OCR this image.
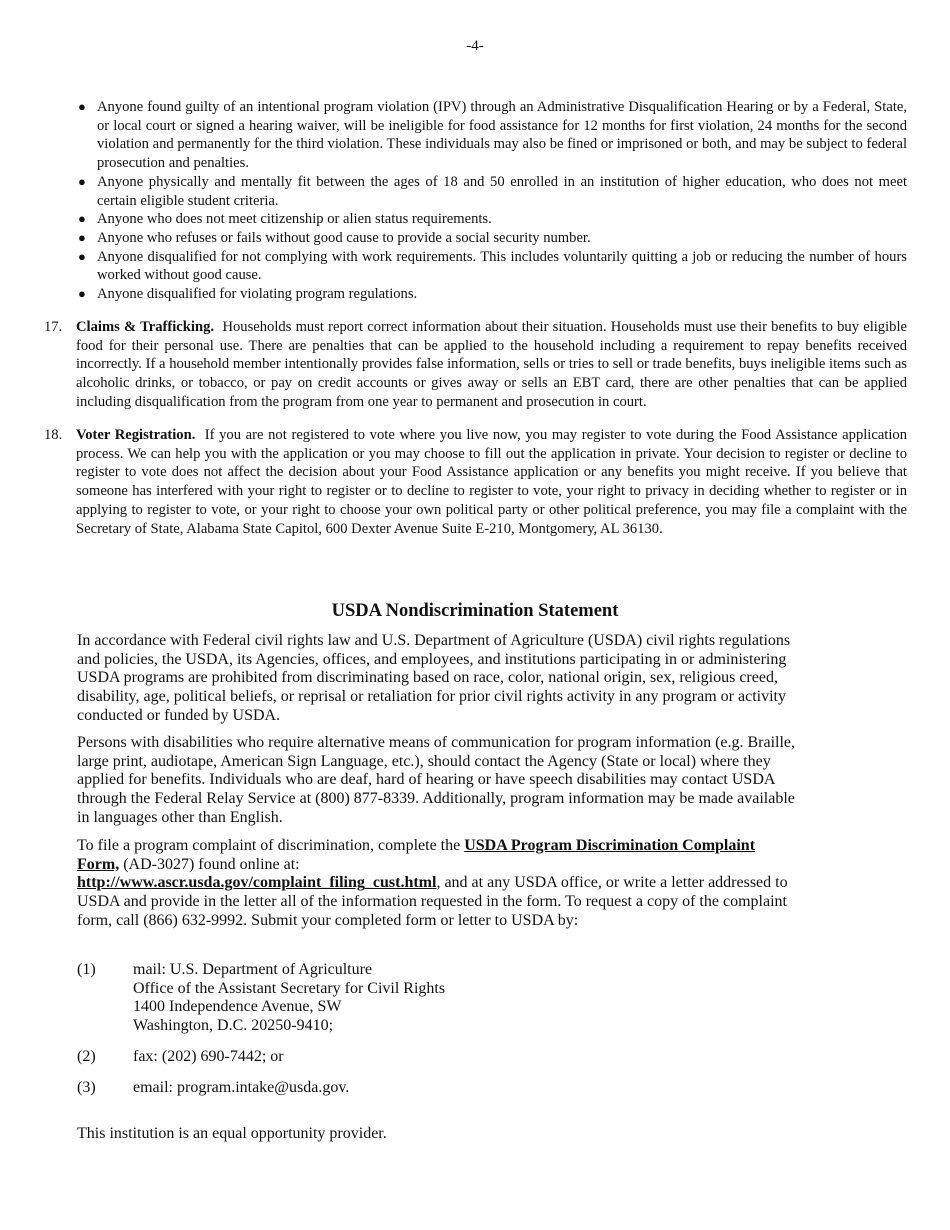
-4-
● Anyone found guilty of an intentional program violation (IPV) through an Administrative Disqualification Hearing or by a Federal, State, or local court or signed a hearing waiver, will be ineligible for food assistance for 12 months for first violation, 24 months for the second violation and permanently for the third violation. These individuals may also be fined or imprisoned or both, and may be subject to federal prosecution and penalties.
● Anyone physically and mentally fit between the ages of 18 and 50 enrolled in an institution of higher education, who does not meet certain eligible student criteria.
● Anyone who does not meet citizenship or alien status requirements.
● Anyone who refuses or fails without good cause to provide a social security number.
● Anyone disqualified for not complying with work requirements. This includes voluntarily quitting a job or reducing the number of hours worked without good cause.
● Anyone disqualified for violating program regulations.
17. Claims & Trafficking. Households must report correct information about their situation. Households must use their benefits to buy eligible food for their personal use. There are penalties that can be applied to the household including a requirement to repay benefits received incorrectly. If a household member intentionally provides false information, sells or tries to sell or trade benefits, buys ineligible items such as alcoholic drinks, or tobacco, or pay on credit accounts or gives away or sells an EBT card, there are other penalties that can be applied including disqualification from the program from one year to permanent and prosecution in court.
18. Voter Registration. If you are not registered to vote where you live now, you may register to vote during the Food Assistance application process. We can help you with the application or you may choose to fill out the application in private. Your decision to register or decline to register to vote does not affect the decision about your Food Assistance application or any benefits you might receive. If you believe that someone has interfered with your right to register or to decline to register to vote, your right to privacy in deciding whether to register or in applying to register to vote, or your right to choose your own political party or other political preference, you may file a complaint with the Secretary of State, Alabama State Capitol, 600 Dexter Avenue Suite E-210, Montgomery, AL 36130.
USDA Nondiscrimination Statement
In accordance with Federal civil rights law and U.S. Department of Agriculture (USDA) civil rights regulations and policies, the USDA, its Agencies, offices, and employees, and institutions participating in or administering USDA programs are prohibited from discriminating based on race, color, national origin, sex, religious creed, disability, age, political beliefs, or reprisal or retaliation for prior civil rights activity in any program or activity conducted or funded by USDA.
Persons with disabilities who require alternative means of communication for program information (e.g. Braille, large print, audiotape, American Sign Language, etc.), should contact the Agency (State or local) where they applied for benefits. Individuals who are deaf, hard of hearing or have speech disabilities may contact USDA through the Federal Relay Service at (800) 877-8339. Additionally, program information may be made available in languages other than English.
To file a program complaint of discrimination, complete the USDA Program Discrimination Complaint Form, (AD-3027) found online at:
http://www.ascr.usda.gov/complaint_filing_cust.html, and at any USDA office, or write a letter addressed to USDA and provide in the letter all of the information requested in the form. To request a copy of the complaint form, call (866) 632-9992. Submit your completed form or letter to USDA by:
(1) mail: U.S. Department of Agriculture
Office of the Assistant Secretary for Civil Rights
1400 Independence Avenue, SW
Washington, D.C. 20250-9410;
(2) fax: (202) 690-7442; or
(3) email: program.intake@usda.gov.
This institution is an equal opportunity provider.
